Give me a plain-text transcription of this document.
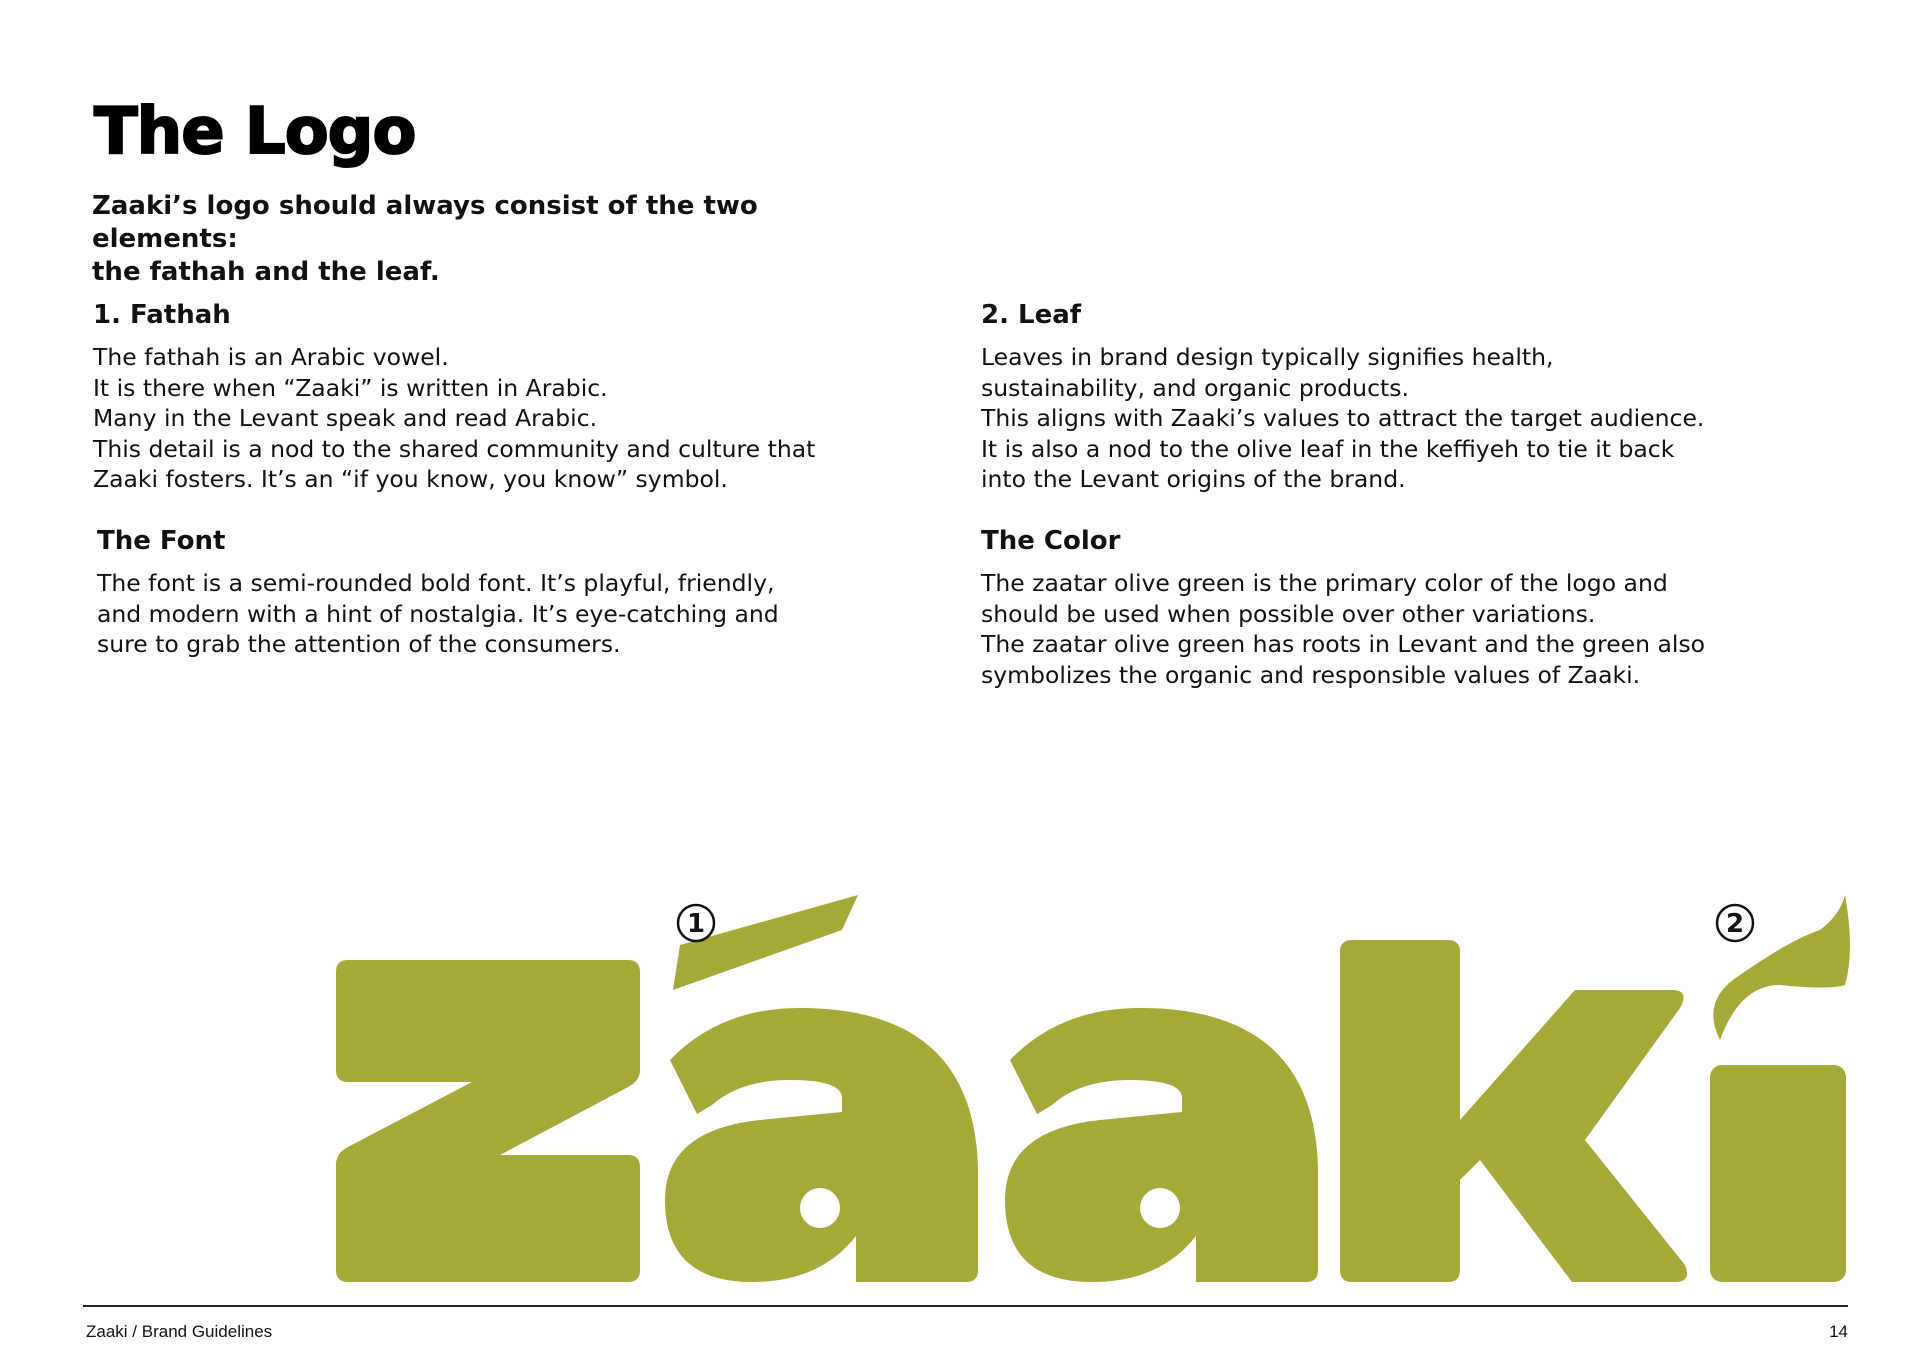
The Logo

Zaaki’s logo should always consist of the two elements:
the fathah and the leaf.

1. Fathah
The fathah is an Arabic vowel.
It is there when “Zaaki” is written in Arabic.
Many in the Levant speak and read Arabic.
This detail is a nod to the shared community and culture that
Zaaki fosters. It’s an “if you know, you know” symbol.
2. Leaf
Leaves in brand design typically signifies health,
sustainability, and organic products.
This aligns with Zaaki’s values to attract the target audience.
It is also a nod to the olive leaf in the keffiyeh to tie it back
into the Levant origins of the brand.
The Font
The font is a semi-rounded bold font. It’s playful, friendly,
and modern with a hint of nostalgia. It’s eye-catching and
sure to grab the attention of the consumers.
The Color
The zaatar olive green is the primary color of the logo and
should be used when possible over other variations.
The zaatar olive green has roots in Levant and the green also
symbolizes the organic and responsible values of Zaaki.
1	2
Zaaki / Brand Guidelines	14
